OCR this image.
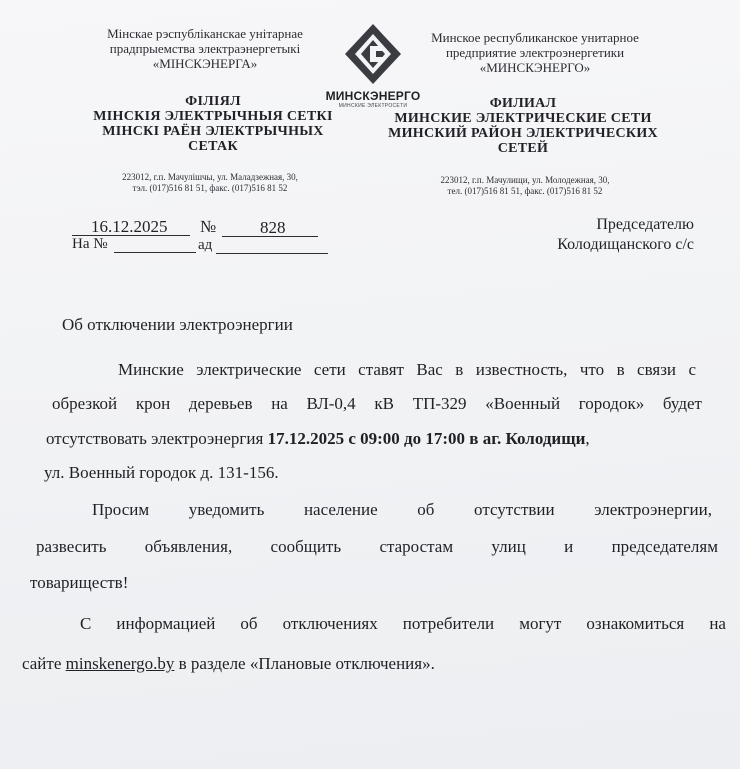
Мінскае рэспубліканскае унітарнае
прадпрыемства электраэнергетыкі
«МІНСКЭНЕРГА»
Минское республиканское унитарное
предприятие электроэнергетики
«МИНСКЭНЕРГО»
МИНСКЭНЕРГО
МИНСКИЕ ЭЛЕКТРОСЕТИ
ФІЛІЯЛ
МІНСКІЯ ЭЛЕКТРЫЧНЫЯ СЕТКІ
МІНСКІ РАЁН ЭЛЕКТРЫЧНЫХ
СЕТАК
ФИЛИАЛ
МИНСКИЕ ЭЛЕКТРИЧЕСКИЕ СЕТИ
МИНСКИЙ РАЙОН ЭЛЕКТРИЧЕСКИХ
СЕТЕЙ
223012, г.п. Мачулішчы, ул. Маладзежная, 30,
тэл. (017)516 81 51, факс. (017)516 81 52
223012, г.п. Мачулищи, ул. Молодежная, 30,
тел. (017)516 81 51, факс. (017)516 81 52
16.12.2025 №	828
На №	ад
Председателю
Колодищанского с/с
Об отключении электроэнергии
Минские электрические сети ставят Вас в известность, что в связи с
обрезкой крон деревьев на ВЛ-0,4 кВ ТП-329 «Военный городок» будет
отсутствовать электроэнергия 17.12.2025 с 09:00 до 17:00 в аг. Колодищи,
ул. Военный городок д. 131-156.
Просим уведомить население об отсутствии электроэнергии,
развесить объявления, сообщить старостам улиц и председателям
товариществ!
С информацией об отключениях потребители могут ознакомиться на
сайте minskenergo.by в разделе «Плановые отключения».
